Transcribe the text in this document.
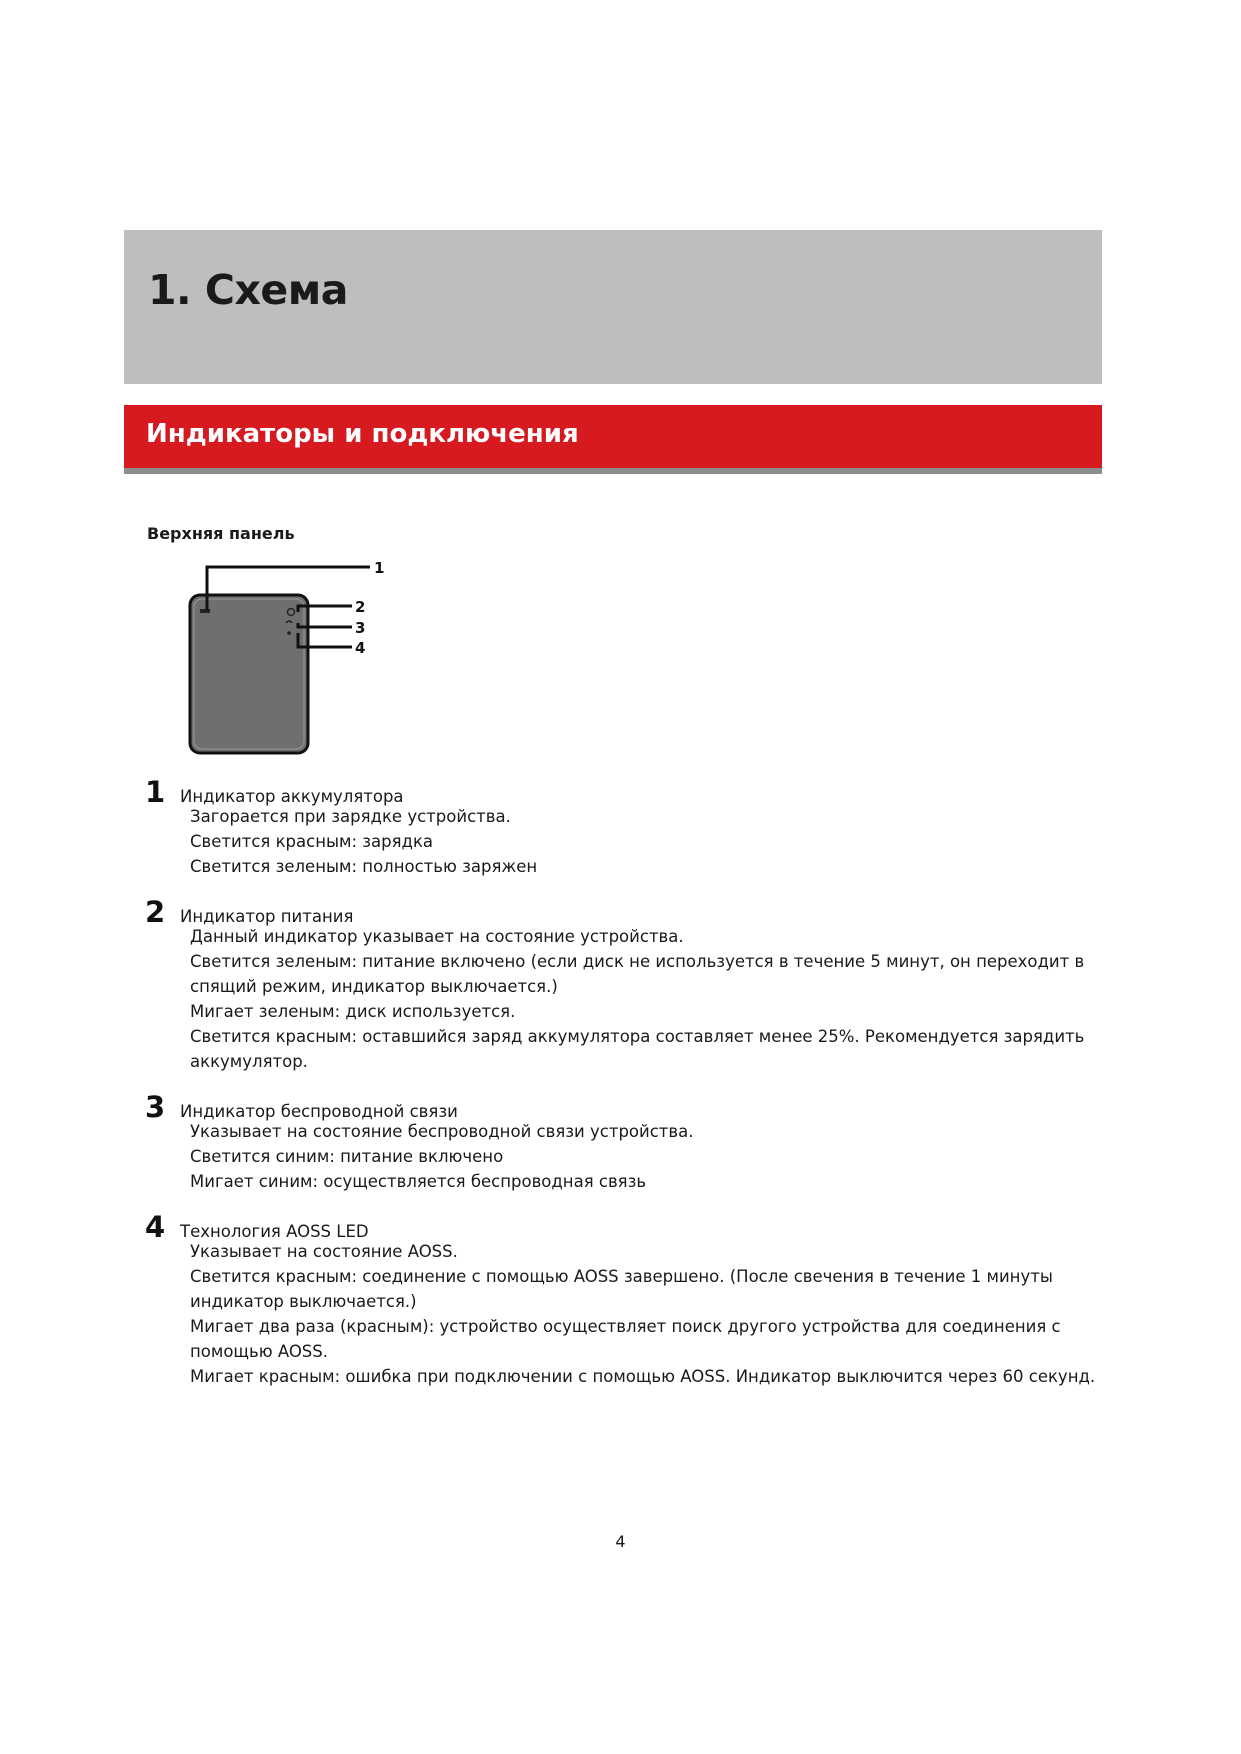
1. Схема
Индикаторы и подключения
Верхняя панель
1
2
3
4
1 Индикатор аккумулятора
Загорается при зарядке устройства.
Светится красным: зарядка
Светится зеленым: полностью заряжен
2 Индикатор питания
Данный индикатор указывает на состояние устройства.
Светится зеленым: питание включено (если диск не используется в течение 5 минут, он переходит в спящий режим, индикатор выключается.)
Мигает зеленым: диск используется.
Светится красным: оставшийся заряд аккумулятора составляет менее 25%. Рекомендуется зарядить аккумулятор.
3 Индикатор беспроводной связи
Указывает на состояние беспроводной связи устройства.
Светится синим: питание включено
Мигает синим: осуществляется беспроводная связь
4 Технология AOSS LED
Указывает на состояние AOSS.
Светится красным: соединение с помощью AOSS завершено. (После свечения в течение 1 минуты индикатор выключается.)
Мигает два раза (красным): устройство осуществляет поиск другого устройства для соединения с помощью AOSS.
Мигает красным: ошибка при подключении с помощью AOSS. Индикатор выключится через 60 секунд.
4
